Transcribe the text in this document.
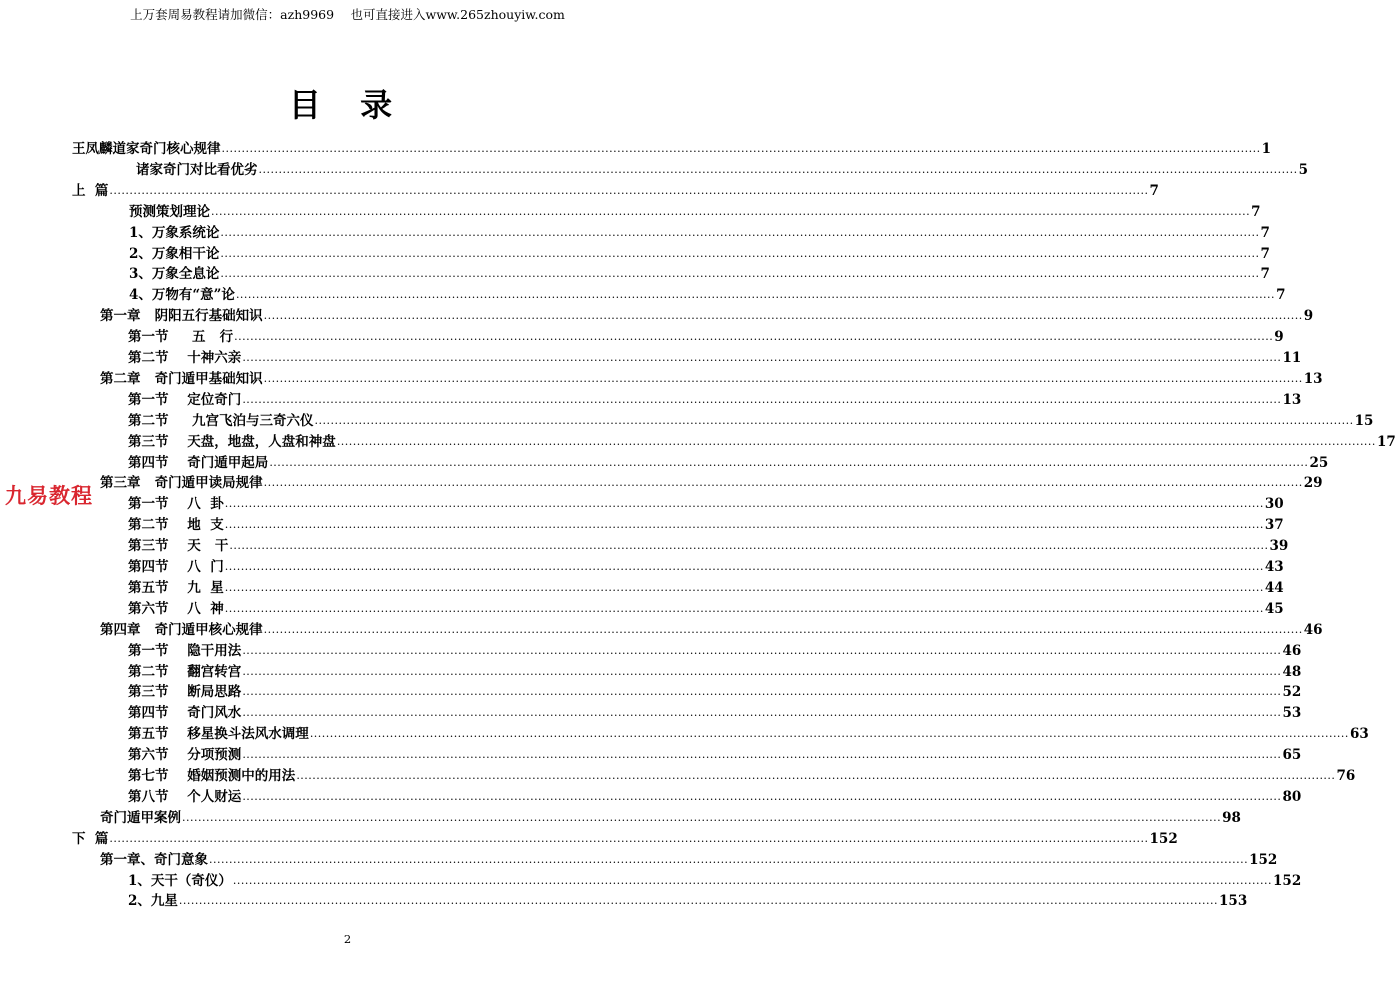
上万套周易教程请加微信：azh9969　 也可直接进入www.265zhouyiw.com
目 录
王凤麟道家奇门核心规律 .................................................................................................................................................................................................................................................................... 1
诸家奇门对比看优劣 .................................................................................................................................................................................................................................................................... 5
上  篇 .................................................................................................................................................................................................................................................................... 7
预测策划理论 .................................................................................................................................................................................................................................................................... 7
1、万象系统论 .................................................................................................................................................................................................................................................................... 7
2、万象相干论 .................................................................................................................................................................................................................................................................... 7
3、万象全息论 .................................................................................................................................................................................................................................................................... 7
4、万物有“意”论 .................................................................................................................................................................................................................................................................... 7
第一章   阴阳五行基础知识 .................................................................................................................................................................................................................................................................... 9
第一节     五   行 .................................................................................................................................................................................................................................................................... 9
第二节    十神六亲 .................................................................................................................................................................................................................................................................... 11
第二章   奇门遁甲基础知识 .................................................................................................................................................................................................................................................................... 13
第一节    定位奇门 .................................................................................................................................................................................................................................................................... 13
第二节     九宫飞泊与三奇六仪 .................................................................................................................................................................................................................................................................... 15
第三节    天盘，地盘，人盘和神盘 .................................................................................................................................................................................................................................................................... 17
第四节    奇门遁甲起局 .................................................................................................................................................................................................................................................................... 25
第三章   奇门遁甲读局规律 .................................................................................................................................................................................................................................................................... 29
第一节    八  卦 .................................................................................................................................................................................................................................................................... 30
第二节    地  支 .................................................................................................................................................................................................................................................................... 37
第三节    天   干 .................................................................................................................................................................................................................................................................... 39
第四节    八  门 .................................................................................................................................................................................................................................................................... 43
第五节    九  星 .................................................................................................................................................................................................................................................................... 44
第六节    八  神 .................................................................................................................................................................................................................................................................... 45
第四章   奇门遁甲核心规律 .................................................................................................................................................................................................................................................................... 46
第一节    隐干用法 .................................................................................................................................................................................................................................................................... 46
第二节    翻宫转宫 .................................................................................................................................................................................................................................................................... 48
第三节    断局思路 .................................................................................................................................................................................................................................................................... 52
第四节    奇门风水 .................................................................................................................................................................................................................................................................... 53
第五节    移星换斗法风水调理 .................................................................................................................................................................................................................................................................... 63
第六节    分项预测 .................................................................................................................................................................................................................................................................... 65
第七节    婚姻预测中的用法 .................................................................................................................................................................................................................................................................... 76
第八节    个人财运 .................................................................................................................................................................................................................................................................... 80
奇门遁甲案例 .................................................................................................................................................................................................................................................................... 98
下  篇 .................................................................................................................................................................................................................................................................... 152
第一章、奇门意象 .................................................................................................................................................................................................................................................................... 152
1、天干（奇仪） .................................................................................................................................................................................................................................................................... 152
2、九星 .................................................................................................................................................................................................................................................................... 153
九易教程
2
